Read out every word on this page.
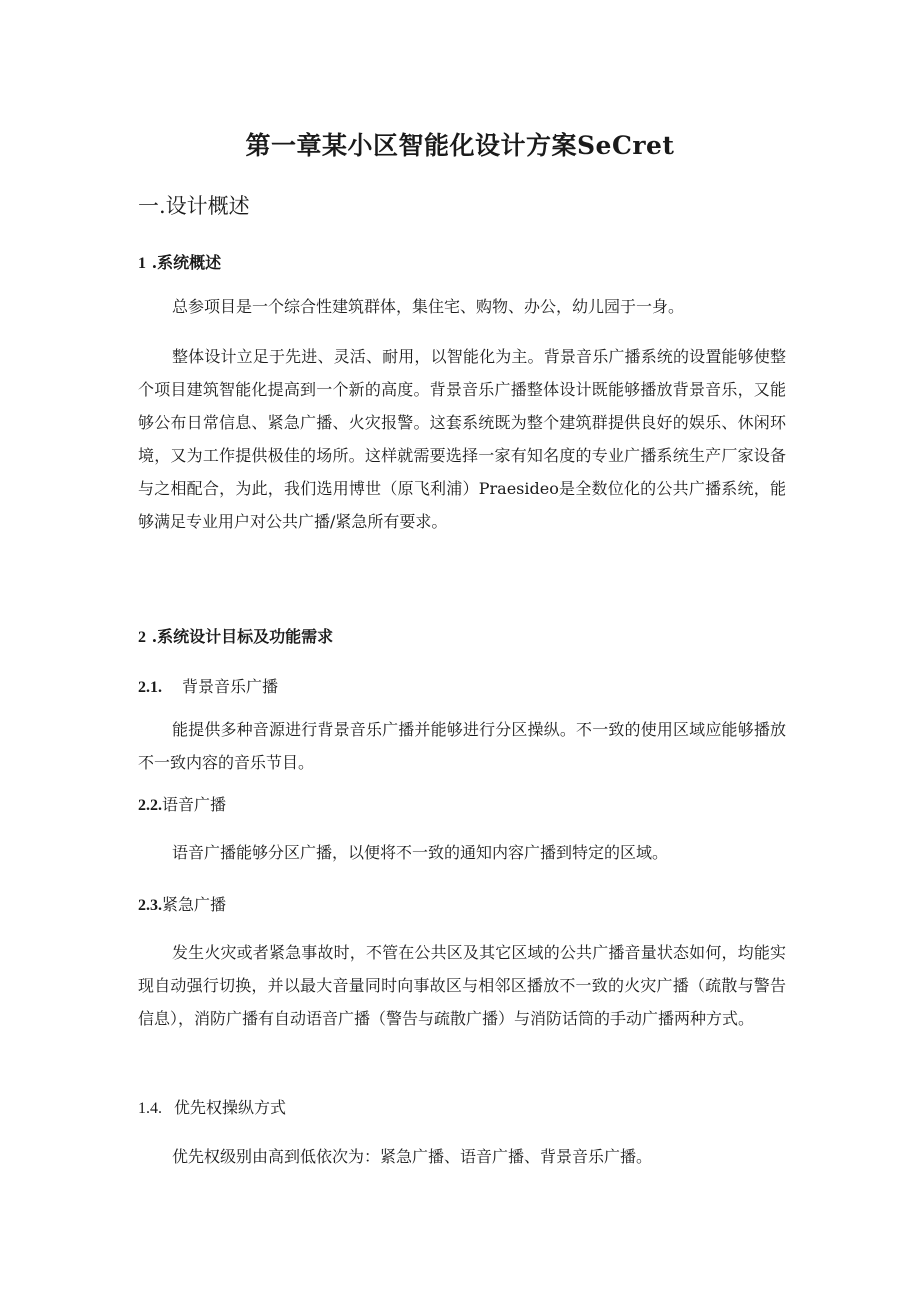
第一章某小区智能化设计方案SeCret
一.设计概述
1 .系统概述

总参项目是一个综合性建筑群体，集住宅、购物、办公，幼儿园于一身。

整体设计立足于先进、灵活、耐用，以智能化为主。背景音乐广播系统的设置能够使整个项目建筑智能化提高到一个新的高度。背景音乐广播整体设计既能够播放背景音乐，又能够公布日常信息、紧急广播、火灾报警。这套系统既为整个建筑群提供良好的娱乐、休闲环境，又为工作提供极佳的场所。这样就需要选择一家有知名度的专业广播系统生产厂家设备与之相配合，为此，我们选用博世（原飞利浦）Praesideo是全数位化的公共广播系统，能够满足专业用户对公共广播/紧急所有要求。

2 .系统设计目标及功能需求
2.1. 背景音乐广播

能提供多种音源进行背景音乐广播并能够进行分区操纵。不一致的使用区域应能够播放不一致内容的音乐节目。

2.2.语音广播

语音广播能够分区广播，以便将不一致的通知内容广播到特定的区域。

2.3.紧急广播

发生火灾或者紧急事故时，不管在公共区及其它区域的公共广播音量状态如何，均能实现自动强行切换，并以最大音量同时向事故区与相邻区播放不一致的火灾广播（疏散与警告信息），消防广播有自动语音广播（警告与疏散广播）与消防话筒的手动广播两种方式。

1.4. 优先权操纵方式

优先权级别由高到低依次为：紧急广播、语音广播、背景音乐广播。
